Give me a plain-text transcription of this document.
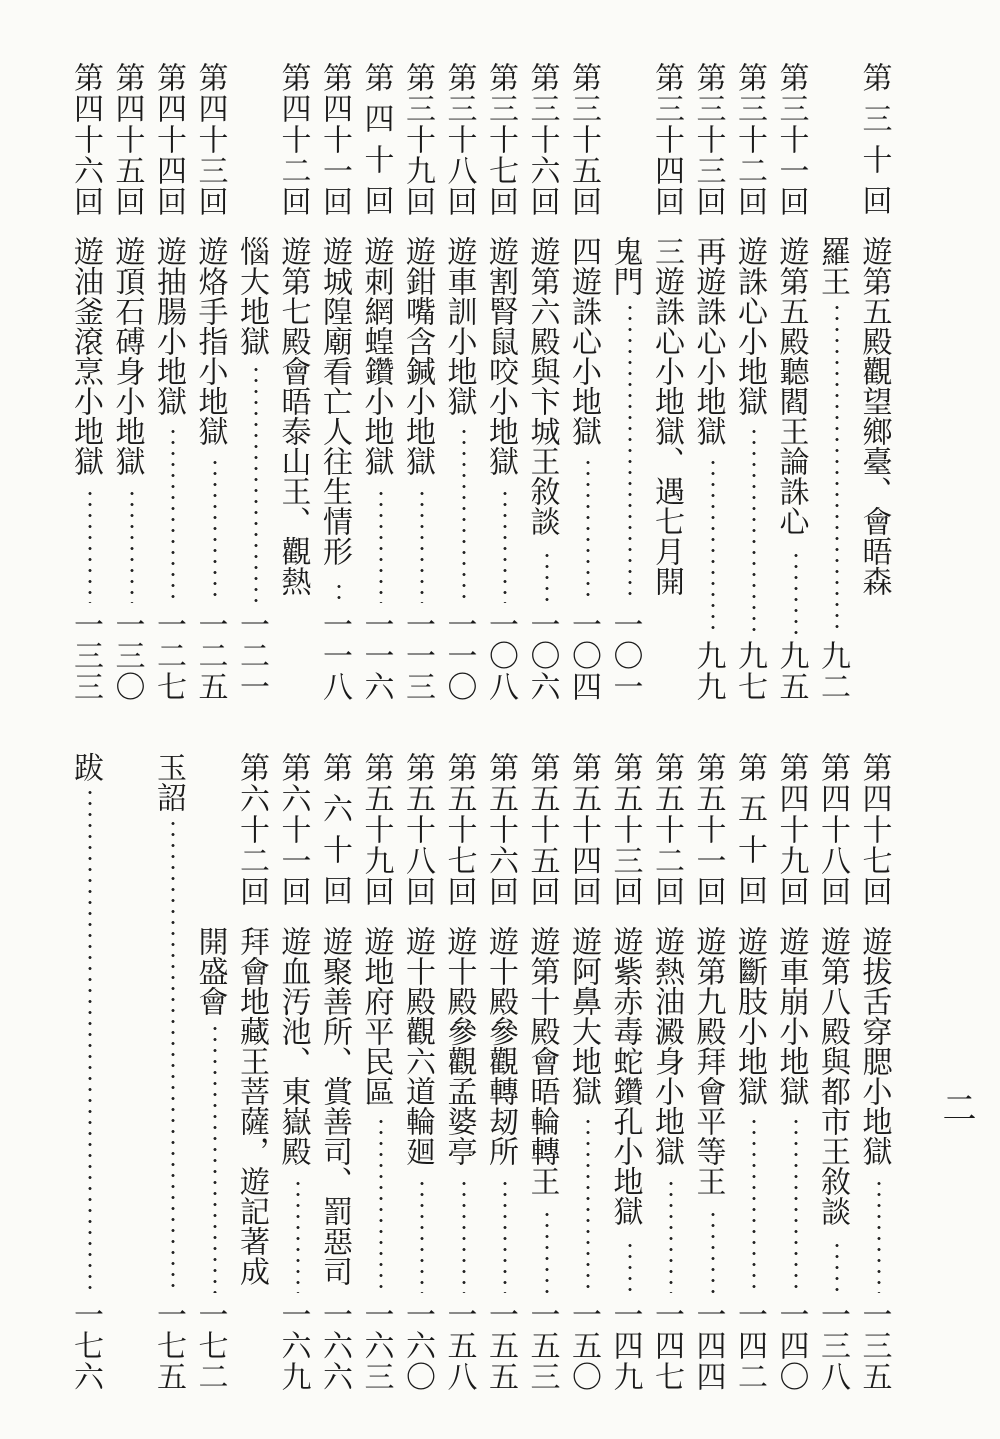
第三十回
遊第五殿觀望鄉臺、會晤森
羅王
九二
第三十一回
遊第五殿聽閻王論誅心
九五
第三十二回
遊誅心小地獄
九七
第三十三回
再遊誅心小地獄
九九
第三十四回
三遊誅心小地獄、遇七月開
鬼門
一〇一
第三十五回
四遊誅心小地獄
一〇四
第三十六回
遊第六殿與卞城王敘談
一〇六
第三十七回
遊割腎鼠咬小地獄
一〇八
第三十八回
遊車訓小地獄
一一〇
第三十九回
遊鉗嘴含鍼小地獄
一一三
第四十回
遊刺網蝗鑽小地獄
一一六
第四十一回
遊城隍廟看亡人往生情形
一一八
第四十二回
遊第七殿會晤泰山王、觀熱
惱大地獄
一二一
第四十三回
遊烙手指小地獄
一二五
第四十四回
遊抽腸小地獄
一二七
第四十五回
遊頂石磗身小地獄
一三〇
第四十六回
遊油釜滾烹小地獄
一三三
第四十七回
遊拔舌穿腮小地獄
一三五
第四十八回
遊第八殿與都市王敘談
一三八
第四十九回
遊車崩小地獄
一四〇
第五十回
遊斷肢小地獄
一四二
第五十一回
遊第九殿拜會平等王
一四四
第五十二回
遊熱油澱身小地獄
一四七
第五十三回
遊紫赤毒蛇鑽孔小地獄
一四九
第五十四回
遊阿鼻大地獄
一五〇
第五十五回
遊第十殿會晤輪轉王
一五三
第五十六回
遊十殿參觀轉刼所
一五五
第五十七回
遊十殿參觀孟婆亭
一五八
第五十八回
遊十殿觀六道輪廻
一六〇
第五十九回
遊地府平民區
一六三
第六十回
遊聚善所、賞善司、罰惡司
一六六
第六十一回
遊血汚池、東嶽殿
一六九
第六十二回
拜會地藏王菩薩，遊記著成
開盛會
一七二
玉詔
一七五
跋
一七六
二
